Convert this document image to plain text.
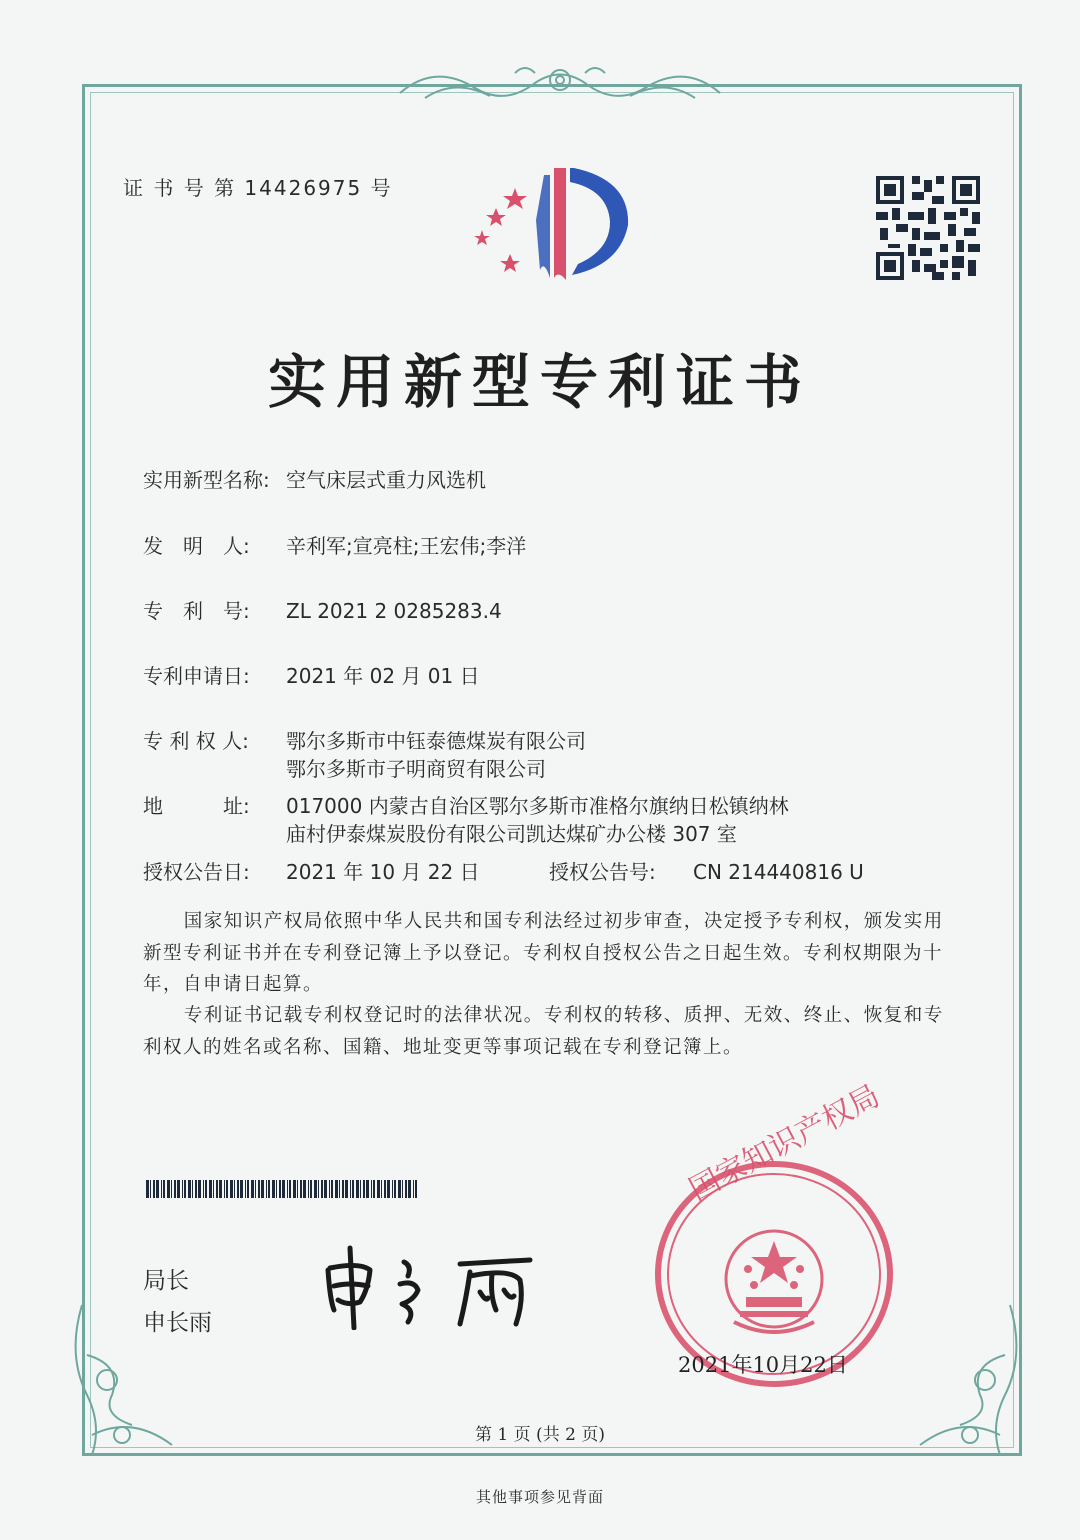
证 书 号 第 14426975 号
实用新型专利证书
实用新型名称: 空气床层式重力风选机
发　明　人: 辛利军;宣亮柱;王宏伟;李洋
专　利　号: ZL 2021 2 0285283.4
专利申请日: 2021 年 02 月 01 日
专 利 权 人: 鄂尔多斯市中钰泰德煤炭有限公司
鄂尔多斯市子明商贸有限公司
地　　　址: 017000 内蒙古自治区鄂尔多斯市准格尔旗纳日松镇纳林
庙村伊泰煤炭股份有限公司凯达煤矿办公楼 307 室
授权公告日: 2021 年 10 月 22 日	授权公告号: CN 214440816 U
国家知识产权局依照中华人民共和国专利法经过初步审查，决定授予专利权，颁发实用新型专利证书并在专利登记簿上予以登记。专利权自授权公告之日起生效。专利权期限为十年，自申请日起算。
专利证书记载专利权登记时的法律状况。专利权的转移、质押、无效、终止、恢复和专利权人的姓名或名称、国籍、地址变更等事项记载在专利登记簿上。
局长
申长雨
国家知识产权局
2021年10月22日
第 1 页 (共 2 页)
其他事项参见背面
